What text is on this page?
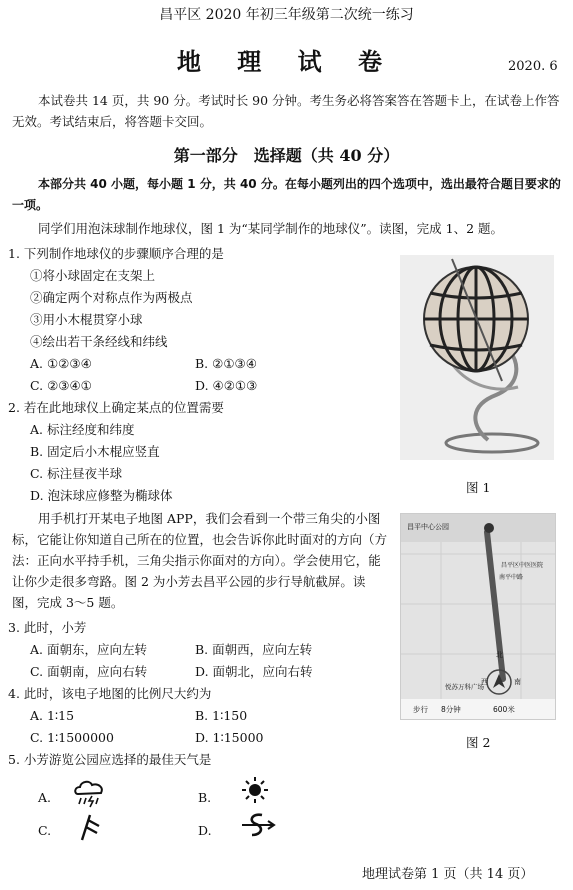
昌平区 2020 年初三年级第二次统一练习
地 理 试 卷	2020. 6
本试卷共 14 页，共 90 分。考试时长 90 分钟。考生务必将答案答在答题卡上，在试卷上作答无效。考试结束后，将答题卡交回。
第一部分　选择题（共 40 分）
本部分共 40 小题，每小题 1 分，共 40 分。在每小题列出的四个选项中，选出最符合题目要求的一项。
同学们用泡沫球制作地球仪，图 1 为“某同学制作的地球仪”。读图，完成 1、2 题。
1. 下列制作地球仪的步骤顺序合理的是
①将小球固定在支架上
②确定两个对称点作为两极点
③用小木棍贯穿小球
④绘出若干条经线和纬线
A. ①②③④	B. ②①③④
C. ②③④①	D. ④②①③
2. 若在此地球仪上确定某点的位置需要
A. 标注经度和纬度
B. 固定后小木棍应竖直
C. 标注昼夜半球
D. 泡沫球应修整为椭球体
图 1
用手机打开某电子地图 APP，我们会看到一个带三角尖的小图标，它能让你知道自己所在的位置，也会告诉你此时面对的方向（方法：正向水平持手机，三角尖指示你面对的方向）。学会使用它，能让你少走很多弯路。图 2 为小芳去昌平公园的步行导航截屏。读图，完成 3～5 题。
3. 此时，小芳
A. 面朝东，应向左转	B. 面朝西，应向左转
C. 面朝南，应向右转	D. 面朝北，应向右转
4. 此时，该电子地图的比例尺大约为
A. 1∶15	B. 1∶150
C. 1∶1500000	D. 1∶15000
5. 小芳游览公园应选择的最佳天气是
A.	B.
C.	D.
昌平中心公园
昌平区中医医院
南平中路
北
西	南
悦苏万科广场
步行 8分钟	600米
图 2
地理试卷第 1 页（共 14 页）
